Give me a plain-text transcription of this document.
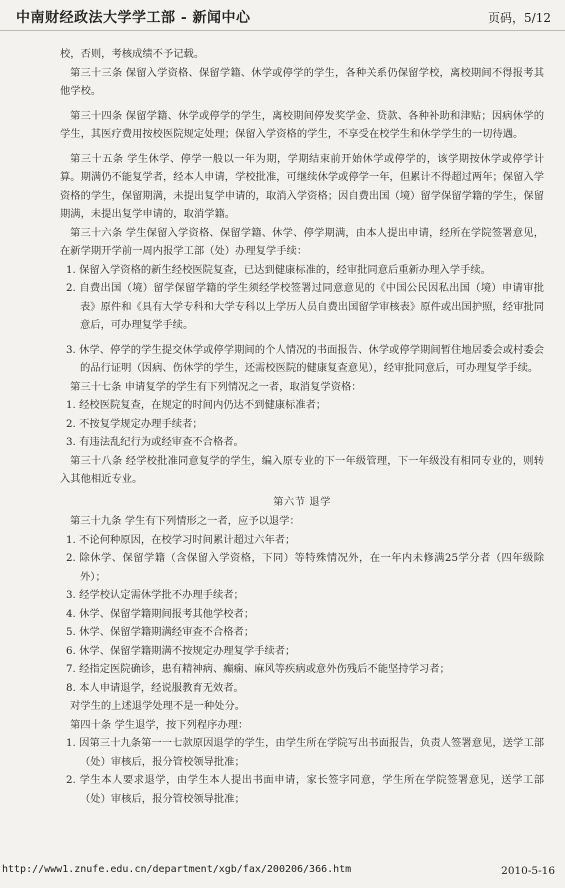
中南财经政法大学学工部 - 新闻中心	页码，5/12

校，否则，考核成绩不予记载。

第三十三条 保留入学资格、保留学籍、休学或停学的学生，各种关系仍保留学校，离校期间不得报考其他学校。

第三十四条 保留学籍、休学或停学的学生，离校期间停发奖学金、贷款、各种补助和津贴；因病休学的学生，其医疗费用按校医院规定处理；保留入学资格的学生，不享受在校学生和休学学生的一切待遇。

第三十五条 学生休学、停学一般以一年为期，学期结束前开始休学或停学的，该学期按休学或停学计算。期满仍不能复学者，经本人申请，学校批准，可继续休学或停学一年，但累计不得超过两年；保留入学资格的学生，保留期满，未提出复学申请的，取消入学资格；因自费出国（境）留学保留学籍的学生，保留期满，未提出复学申请的，取消学籍。

第三十六条 学生保留入学资格、保留学籍、休学、停学期满，由本人提出申请，经所在学院签署意见，在新学期开学前一周内报学工部（处）办理复学手续：

1. 保留入学资格的新生经校医院复查，已达到健康标准的，经审批同意后重新办理入学手续。

2. 自费出国（境）留学保留学籍的学生须经学校签署过同意意见的《中国公民因私出国（境）申请审批表》原件和《具有大学专科和大学专科以上学历人员自费出国留学审核表》原件或出国护照，经审批同意后，可办理复学手续。

3. 休学、停学的学生提交休学或停学期间的个人情况的书面报告、休学或停学期间暂住地居委会或村委会的品行证明（因病、伤休学的学生，还需校医院的健康复查意见），经审批同意后，可办理复学手续。

第三十七条 申请复学的学生有下列情况之一者，取消复学资格：

1. 经校医院复查，在规定的时间内仍达不到健康标准者；

2. 不按复学规定办理手续者；

3. 有违法乱纪行为或经审查不合格者。

第三十八条 经学校批准同意复学的学生，编入原专业的下一年级管理，下一年级没有相同专业的，则转入其他相近专业。

第六节 退学

第三十九条 学生有下列情形之一者，应予以退学：

1. 不论何种原因，在校学习时间累计超过六年者；

2. 除休学、保留学籍（含保留入学资格，下同）等特殊情况外，在一年内未修满25学分者（四年级除外）；

3. 经学校认定需休学批不办理手续者；

4. 休学、保留学籍期间报考其他学校者；

5. 休学、保留学籍期满经审查不合格者；

6. 休学、保留学籍期满不按规定办理复学手续者；

7. 经指定医院确诊，患有精神病、癫痫、麻风等疾病或意外伤残后不能坚持学习者；

8. 本人申请退学，经说服教育无效者。

对学生的上述退学处理不是一种处分。

第四十条 学生退学，按下列程序办理：

1. 因第三十九条第一一七款原因退学的学生，由学生所在学院写出书面报告，负责人签署意见，送学工部（处）审核后，报分管校领导批准；

2. 学生本人要求退学，由学生本人提出书面申请，家长签字同意，学生所在学院签署意见，送学工部（处）审核后，报分管校领导批准；

http://www1.znufe.edu.cn/department/xgb/fax/200206/366.htm	2010-5-16
